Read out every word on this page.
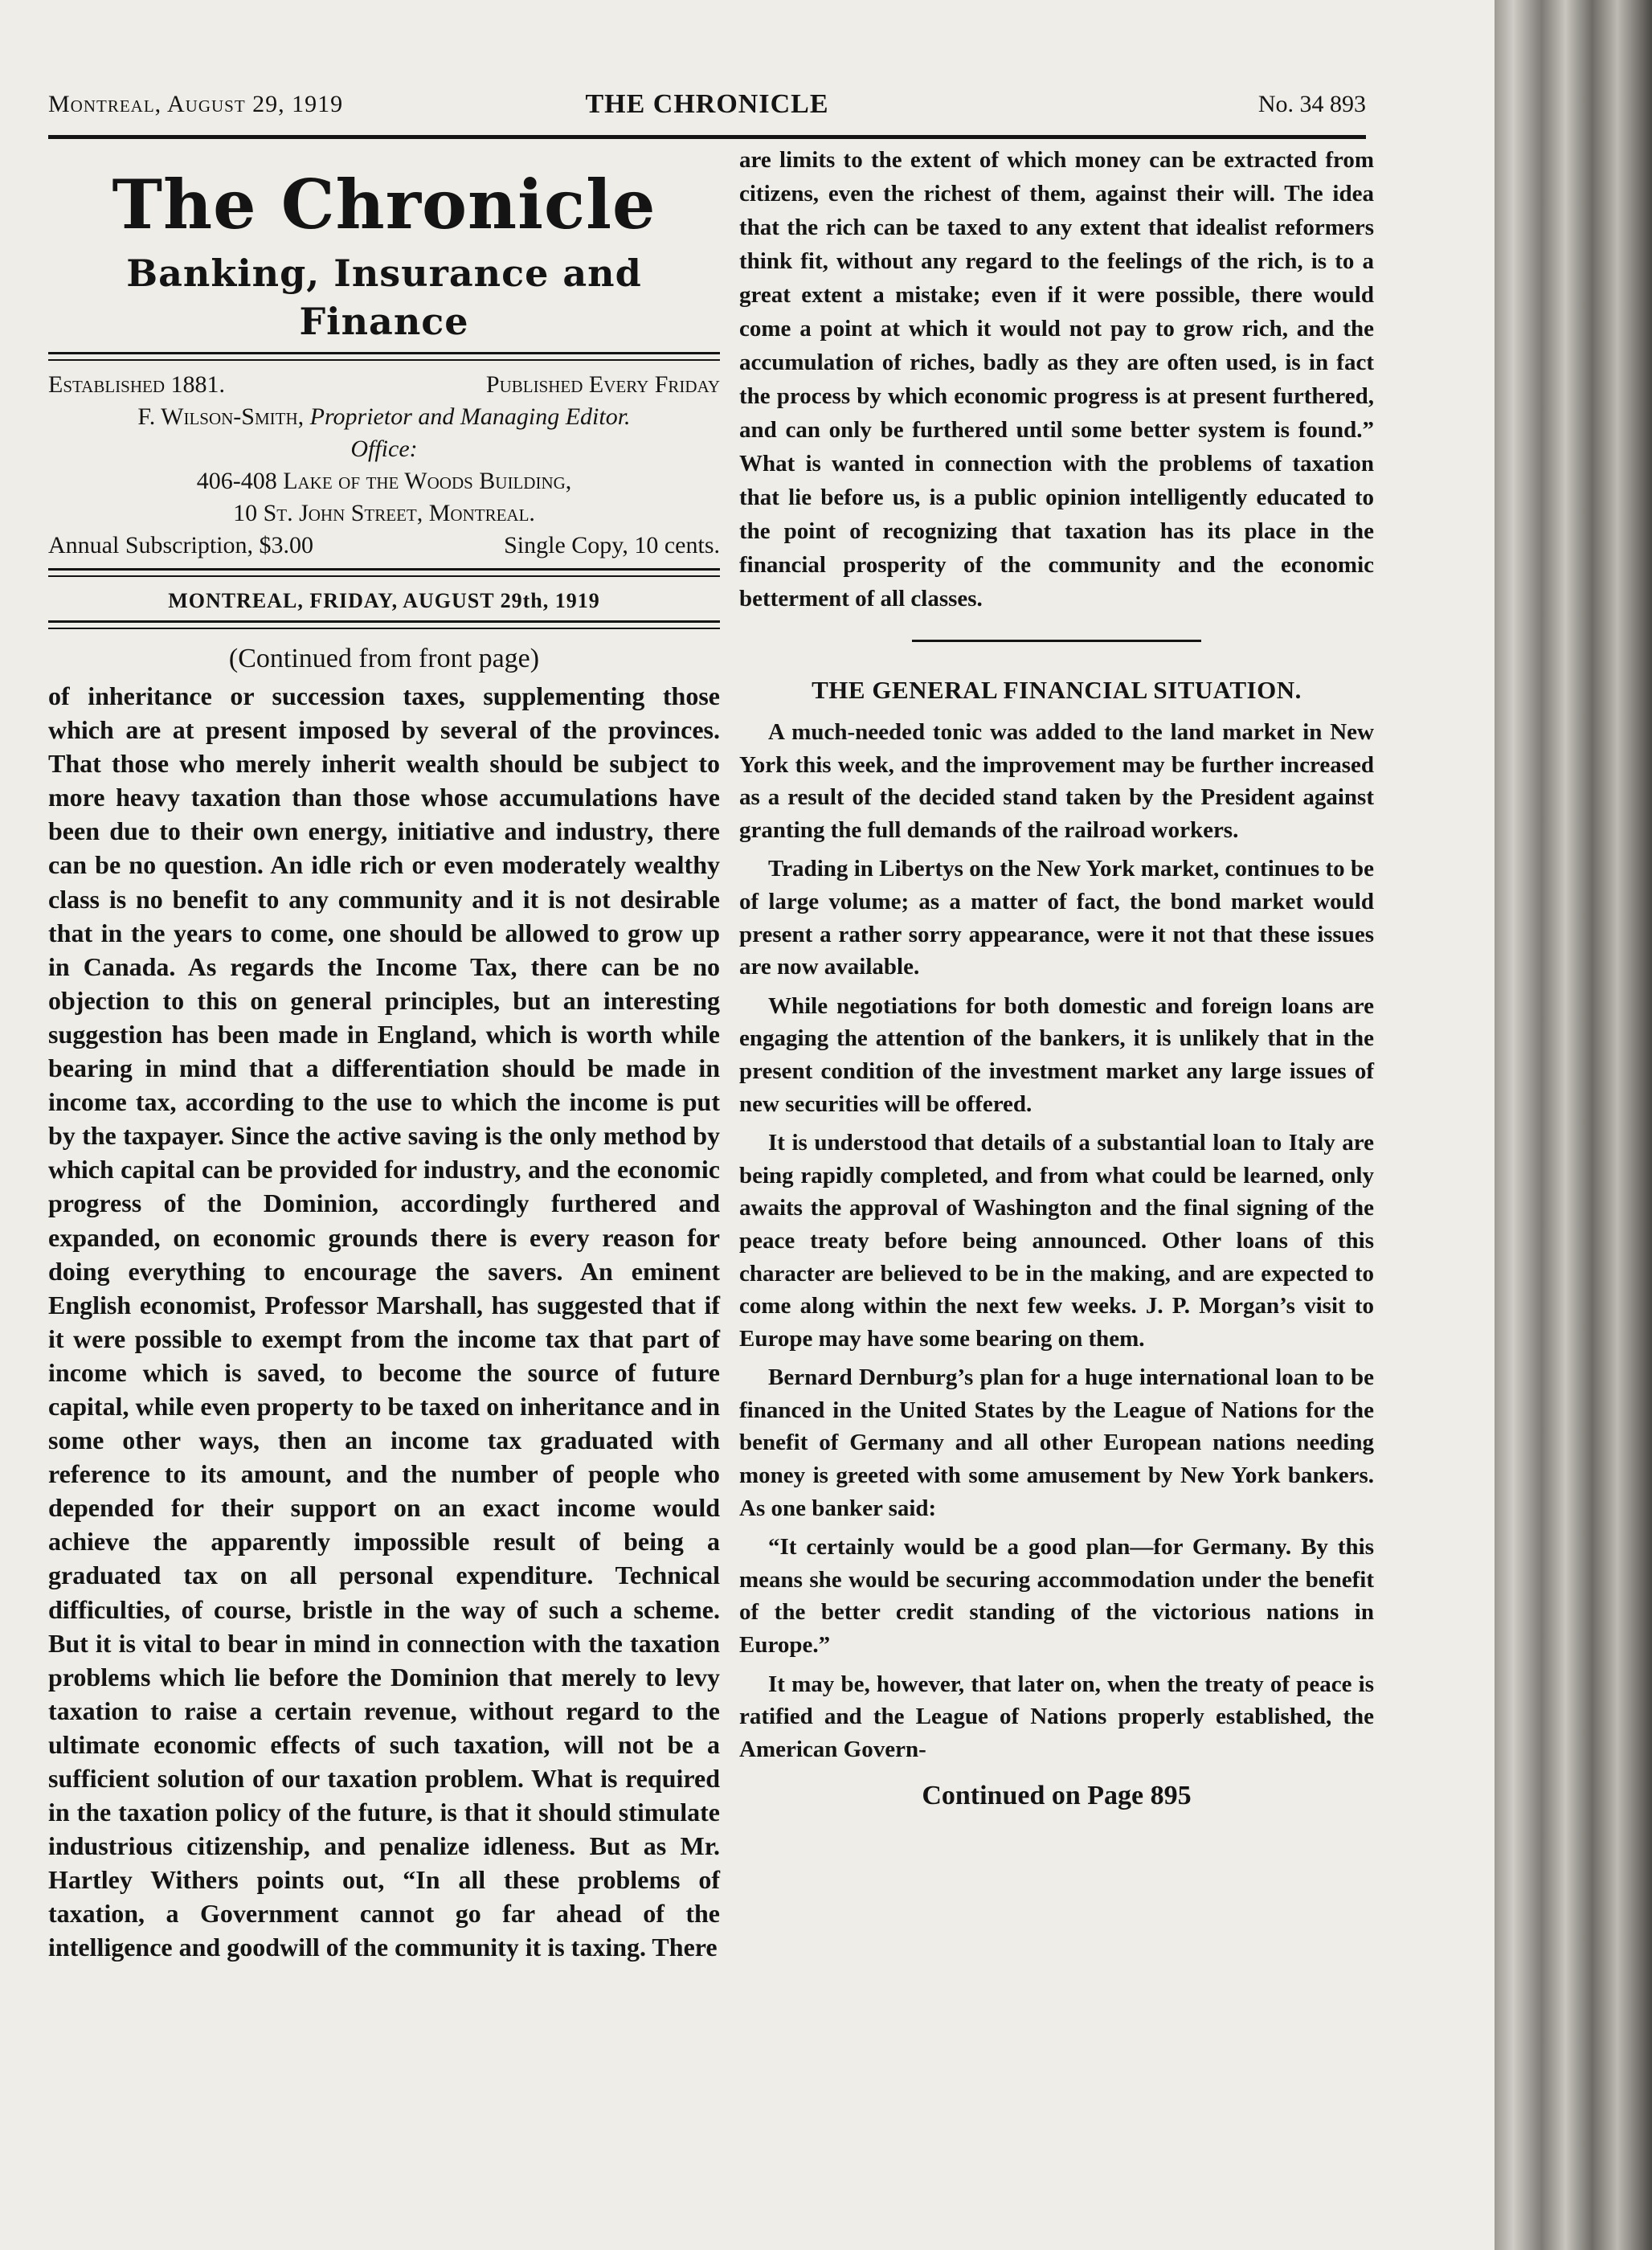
THE CHRONICLE
Montreal, August 29, 1919	No. 34 893
The Chronicle
Banking, Insurance and Finance
Established 1881.	Published Every Friday
F. Wilson-Smith, Proprietor and Managing Editor.
Office:
406-408 Lake of the Woods Building,
10 St. John Street, Montreal.
Annual Subscription, $3.00	Single Copy, 10 cents.
MONTREAL, FRIDAY, AUGUST 29th, 1919
(Continued from front page)

of inheritance or succession taxes, supplementing those which are at present imposed by several of the provinces. That those who merely inherit wealth should be subject to more heavy taxation than those whose accumulations have been due to their own energy, initiative and industry, there can be no question. An idle rich or even moderately wealthy class is no benefit to any community and it is not desirable that in the years to come, one should be allowed to grow up in Canada. As regards the Income Tax, there can be no objection to this on general principles, but an interesting suggestion has been made in England, which is worth while bearing in mind that a differentiation should be made in income tax, according to the use to which the income is put by the taxpayer. Since the active saving is the only method by which capital can be provided for industry, and the economic progress of the Dominion, accordingly furthered and expanded, on economic grounds there is every reason for doing everything to encourage the savers. An eminent English economist, Professor Marshall, has suggested that if it were possible to exempt from the income tax that part of income which is saved, to become the source of future capital, while even property to be taxed on inheritance and in some other ways, then an income tax graduated with reference to its amount, and the number of people who depended for their support on an exact income would achieve the apparently impossible result of being a graduated tax on all personal expenditure. Technical difficulties, of course, bristle in the way of such a scheme. But it is vital to bear in mind in connection with the taxation problems which lie before the Dominion that merely to levy taxation to raise a certain revenue, without regard to the ultimate economic effects of such taxation, will not be a sufficient solution of our taxation problem. What is required in the taxation policy of the future, is that it should stimulate industrious citizenship, and penalize idleness. But as Mr. Hartley Withers points out, “In all these problems of taxation, a Government cannot go far ahead of the intelligence and goodwill of the community it is taxing. There

are limits to the extent of which money can be extracted from citizens, even the richest of them, against their will. The idea that the rich can be taxed to any extent that idealist reformers think fit, without any regard to the feelings of the rich, is to a great extent a mistake; even if it were possible, there would come a point at which it would not pay to grow rich, and the accumulation of riches, badly as they are often used, is in fact the process by which economic progress is at present furthered, and can only be furthered until some better system is found.” What is wanted in connection with the problems of taxation that lie before us, is a public opinion intelligently educated to the point of recognizing that taxation has its place in the financial prosperity of the community and the economic betterment of all classes.

THE GENERAL FINANCIAL SITUATION.

A much-needed tonic was added to the land market in New York this week, and the improvement may be further increased as a result of the decided stand taken by the President against granting the full demands of the railroad workers.

Trading in Libertys on the New York market, continues to be of large volume; as a matter of fact, the bond market would present a rather sorry appearance, were it not that these issues are now available.

While negotiations for both domestic and foreign loans are engaging the attention of the bankers, it is unlikely that in the present condition of the investment market any large issues of new securities will be offered.

It is understood that details of a substantial loan to Italy are being rapidly completed, and from what could be learned, only awaits the approval of Washington and the final signing of the peace treaty before being announced. Other loans of this character are believed to be in the making, and are expected to come along within the next few weeks. J. P. Morgan’s visit to Europe may have some bearing on them.

Bernard Dernburg’s plan for a huge international loan to be financed in the United States by the League of Nations for the benefit of Germany and all other European nations needing money is greeted with some amusement by New York bankers. As one banker said:

“It certainly would be a good plan—for Germany. By this means she would be securing accommodation under the benefit of the better credit standing of the victorious nations in Europe.”

It may be, however, that later on, when the treaty of peace is ratified and the League of Nations properly established, the American Govern-

Continued on Page 895
